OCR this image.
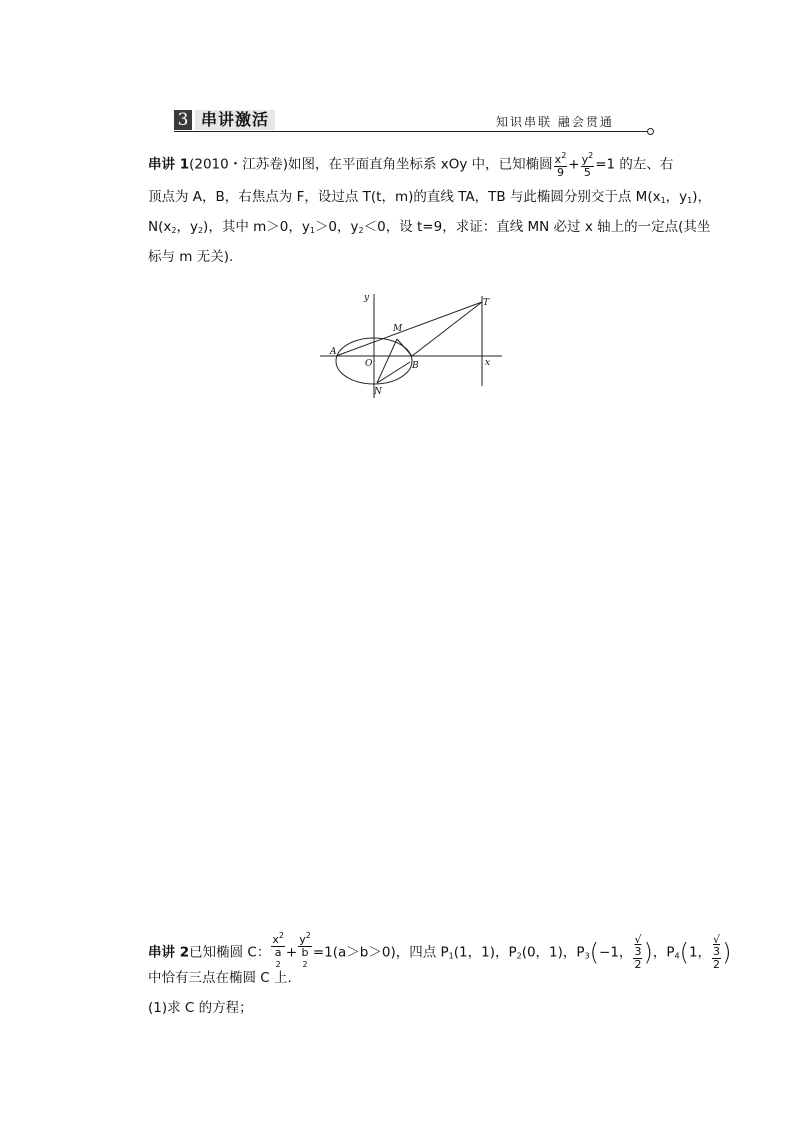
3 串讲激活	知识串联 融会贯通
串讲 1(2010・江苏卷)如图，在平面直角坐标系 xOy 中，已知椭圆 $\frac{x^2}{9} + \frac{y^2}{5} =1$ 的左、右
顶点为 A，B，右焦点为 F，设过点 T(t，m)的直线 TA，TB 与此椭圆分别交于点 $M(x_1$，$y_1$)，
$N(x_2$，$y_2$)，其中 m＞0，$y_1>0$，$y_2<0$，设 t=9，求证：直线 MN 必过 x 轴上的一定点(其坐
标与 m 无关).
y
x
T
M
A
O	B
N
串讲 2已知椭圆 C： $x^2$
a
$^2 + y^2$
b
$^2$ =1(a＞b＞0)，四点 $P_1(1$，1)，$P_2(0$，1)，$P_3(-1$， √
3
2 )，$P_4(1$， √
3
2 )
中恰有三点在椭圆 C 上.
(1)求 C 的方程；
